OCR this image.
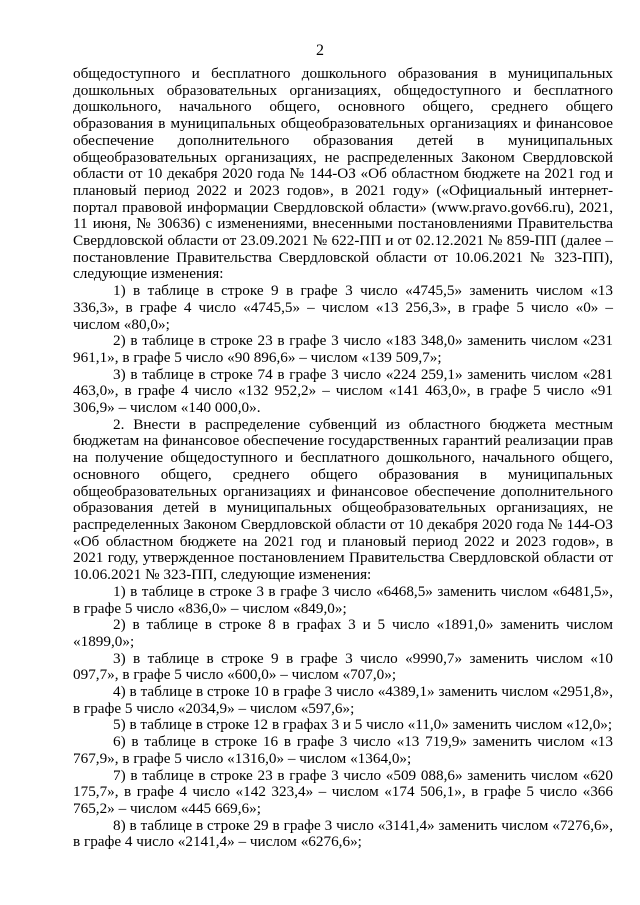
2

общедоступного и бесплатного дошкольного образования в муниципальных дошкольных образовательных организациях, общедоступного и бесплатного дошкольного, начального общего, основного общего, среднего общего образования в муниципальных общеобразовательных организациях и финансовое обеспечение дополнительного образования детей в муниципальных общеобразовательных организациях, не распределенных Законом Свердловской области от 10 декабря 2020 года № 144-ОЗ «Об областном бюджете на 2021 год и плановый период 2022 и 2023 годов», в 2021 году» («Официальный интернет-портал правовой информации Свердловской области» (www.pravo.gov66.ru), 2021, 11 июня, № 30636) с изменениями, внесенными постановлениями Правительства Свердловской области от 23.09.2021 № 622-ПП и от 02.12.2021 № 859-ПП (далее – постановление Правительства Свердловской области от 10.06.2021 № 323-ПП), следующие изменения:

1) в таблице в строке 9 в графе 3 число «4745,5» заменить числом «13 336,3», в графе 4 число «4745,5» – числом «13 256,3», в графе 5 число «0» – числом «80,0»;

2) в таблице в строке 23 в графе 3 число «183 348,0» заменить числом «231 961,1», в графе 5 число «90 896,6» – числом «139 509,7»;

3) в таблице в строке 74 в графе 3 число «224 259,1» заменить числом «281 463,0», в графе 4 число «132 952,2» – числом «141 463,0», в графе 5 число «91 306,9» – числом «140 000,0».

2. Внести в распределение субвенций из областного бюджета местным бюджетам на финансовое обеспечение государственных гарантий реализации прав на получение общедоступного и бесплатного дошкольного, начального общего, основного общего, среднего общего образования в муниципальных общеобразовательных организациях и финансовое обеспечение дополнительного образования детей в муниципальных общеобразовательных организациях, не распределенных Законом Свердловской области от 10 декабря 2020 года № 144-ОЗ «Об областном бюджете на 2021 год и плановый период 2022 и 2023 годов», в 2021 году, утвержденное постановлением Правительства Свердловской области от 10.06.2021 № 323-ПП, следующие изменения:

1) в таблице в строке 3 в графе 3 число «6468,5» заменить числом «6481,5», в графе 5 число «836,0» – числом «849,0»;

2) в таблице в строке 8 в графах 3 и 5 число «1891,0» заменить числом «1899,0»;

3) в таблице в строке 9 в графе 3 число «9990,7» заменить числом «10 097,7», в графе 5 число «600,0» – числом «707,0»;

4) в таблице в строке 10 в графе 3 число «4389,1» заменить числом «2951,8», в графе 5 число «2034,9» – числом «597,6»;

5) в таблице в строке 12 в графах 3 и 5 число «11,0» заменить числом «12,0»;

6) в таблице в строке 16 в графе 3 число «13 719,9» заменить числом «13 767,9», в графе 5 число «1316,0» – числом «1364,0»;

7) в таблице в строке 23 в графе 3 число «509 088,6» заменить числом «620 175,7», в графе 4 число «142 323,4» – числом «174 506,1», в графе 5 число «366 765,2» – числом «445 669,6»;

8) в таблице в строке 29 в графе 3 число «3141,4» заменить числом «7276,6», в графе 4 число «2141,4» – числом «6276,6»;
